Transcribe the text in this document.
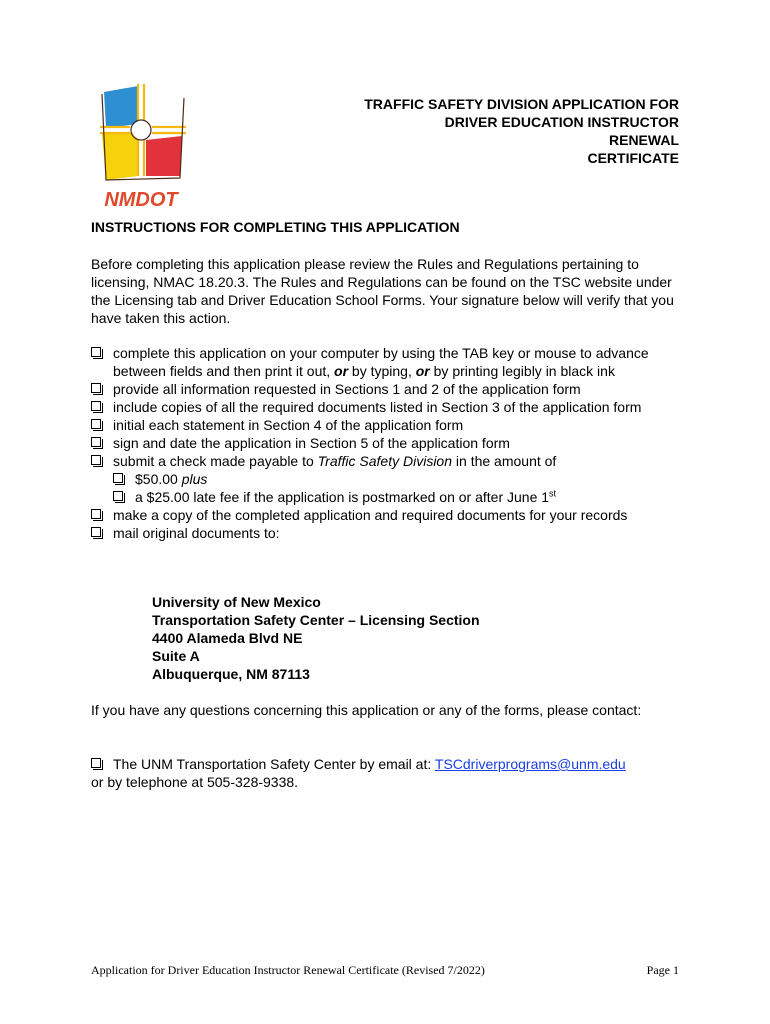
NMDOT
TRAFFIC SAFETY DIVISION APPLICATION FOR
DRIVER EDUCATION INSTRUCTOR
RENEWAL
CERTIFICATE
INSTRUCTIONS FOR COMPLETING THIS APPLICATION
Before completing this application please review the Rules and Regulations pertaining to licensing, NMAC 18.20.3. The Rules and Regulations can be found on the TSC website under the Licensing tab and Driver Education School Forms. Your signature below will verify that you have taken this action.
complete this application on your computer by using the TAB key or mouse to advance between fields and then print it out, or by typing, or by printing legibly in black ink
provide all information requested in Sections 1 and 2 of the application form
include copies of all the required documents listed in Section 3 of the application form
initial each statement in Section 4 of the application form
sign and date the application in Section 5 of the application form
submit a check made payable to Traffic Safety Division in the amount of
$50.00 plus
a $25.00 late fee if the application is postmarked on or after June 1st
make a copy of the completed application and required documents for your records
mail original documents to:
University of New Mexico
Transportation Safety Center – Licensing Section
4400 Alameda Blvd NE
Suite A
Albuquerque, NM 87113
If you have any questions concerning this application or any of the forms, please contact:
The UNM Transportation Safety Center by email at: TSCdriverprograms@unm.edu
or by telephone at 505-328-9338.
Application for Driver Education Instructor Renewal Certificate (Revised 7/2022)	Page 1
